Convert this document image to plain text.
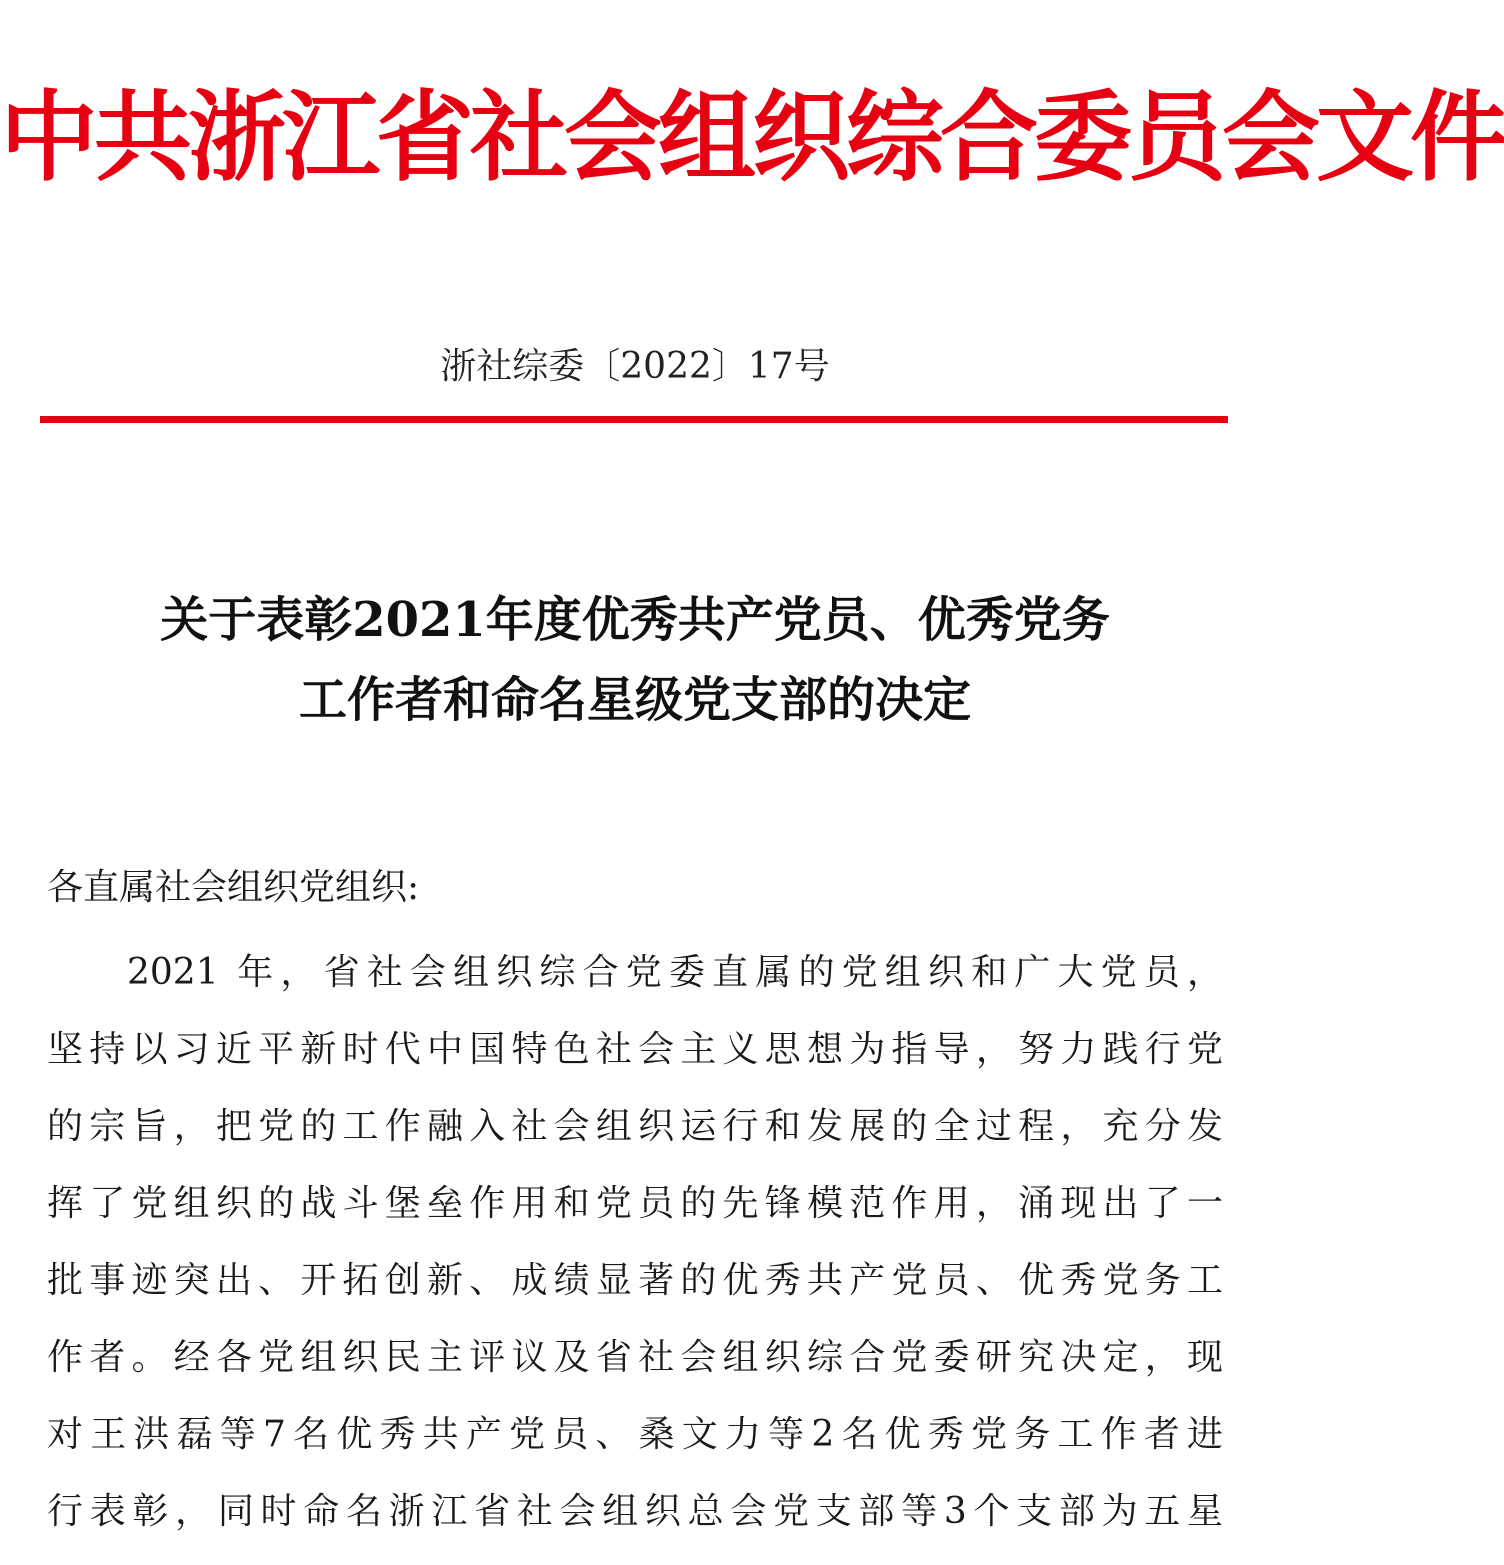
中共浙江省社会组织综合委员会文件
浙社综委〔2022〕17号
关于表彰2021年度优秀共产党员、优秀党务
工作者和命名星级党支部的决定
各直属社会组织党组织:
2021 年，省社会组织综合党委直属的党组织和广大党员，
坚持以习近平新时代中国特色社会主义思想为指导，努力践行党
的宗旨，把党的工作融入社会组织运行和发展的全过程，充分发
挥了党组织的战斗堡垒作用和党员的先锋模范作用，涌现出了一
批事迹突出、开拓创新、成绩显著的优秀共产党员、优秀党务工
作者。经各党组织民主评议及省社会组织综合党委研究决定，现
对王洪磊等7名优秀共产党员、桑文力等2名优秀党务工作者进
行表彰，同时命名浙江省社会组织总会党支部等3个支部为五星
